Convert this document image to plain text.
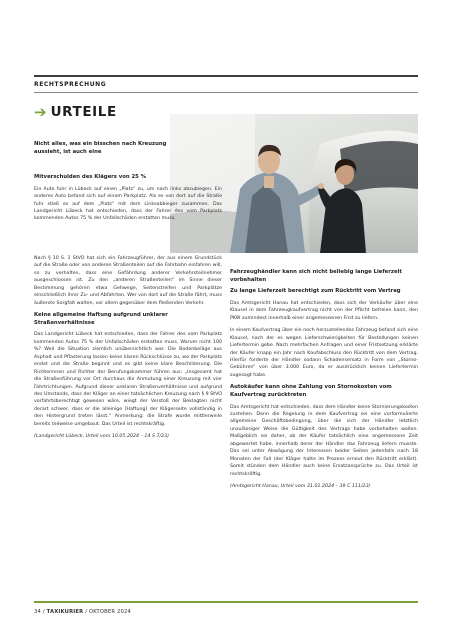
RECHTSPRECHUNG
➔ URTEILE
Nicht alles, was ein bisschen nach Kreuzung aussieht, ist auch eine
Mitverschulden des Klägers von 25 %

Ein Auto fuhr in Lübeck auf einen „Platz“ zu, um nach links abzubiegen. Ein anderes Auto befand sich auf einem Parkplatz. Als es von dort auf die Straße fuhr stieß es auf dem „Platz“ mit dem Linksabbieger zusammen. Das Landgericht Lübeck hat entschieden, dass der Fahrer des vom Parkplatz kommenden Autos 75 % der Unfallschäden erstatten muss.

Nach § 10 S. 1 StVO hat sich ein Fahrzeugführer, der aus einem Grundstück auf die Straße oder von anderen Straßenteilen auf die Fahrbahn einfahren will, so zu verhalten, dass eine Gefährdung anderer Verkehrsteilnehmer ausgeschlossen ist. Zu den „anderen Straßenteilen“ im Sinne dieser Bestimmung gehören etwa Gehwege, Seitenstreifen und Parkplätze einschließlich ihrer Zu- und Abfahrten. Wer von dort auf die Straße fährt, muss äußerste Sorgfalt walten, vor allem gegenüber dem fließenden Verkehr.

Keine allgemeine Haftung aufgrund unklarer Straßenverhältnisse

Das Landgericht Lübeck hat entschieden, dass der Fahrer des vom Parkplatz kommenden Autos 75 % der Unfallschäden erstatten muss. Warum nicht 100 %? Weil die Situation ziemlich unübersichtlich war. Die Bodenbeläge aus Asphalt und Pflasterung lassen keine klaren Rückschlüsse zu, wo der Parkplatz endet und die Straße beginnt und es gibt keine klare Beschilderung. Die Richterinnen und Richter der Berufungskammer führen aus: „Insgesamt hat die Straßenführung vor Ort durchaus die Anmutung einer Kreuzung mit vier Fahrtrichtungen. Aufgrund dieser unklaren Straßenverhältnisse und aufgrund des Umstands, dass der Kläger an einer tatsächlichen Kreuzung nach § 9 StVO vorfahrtsberechtigt gewesen wäre, wiegt der Verstoß der Beklagten nicht derart schwer, dass er die alleinige [Haftung] der Klägerseite vollständig in den Hintergrund treten lässt.“ Anmerkung: die Strafe wurde mittlerweile bereits teilweise umgebaut. Das Urteil ist rechtskräftig.

(Landgericht Lübeck, Urteil vom 10.05.2024 – 14 S 7/23)

Fahrzeughändler kann sich nicht beliebig lange Lieferzeit vorbehalten
Zu lange Lieferzeit berechtigt zum Rücktritt vom Vertrag

Das Amtsgericht Hanau hat entschieden, dass sich der Verkäufer über eine Klausel in dem Fahrzeugkaufvertrag nicht von der Pflicht befreien kann, den PKW zumindest innerhalb einer angemessenen Frist zu liefern.

In einem Kaufvertrag über ein noch herzustellendes Fahrzeug befand sich eine Klausel, nach der es wegen Lieferschwierigkeiten für Bestellungen keinen Liefertermin gebe. Nach mehrfachen Anfragen und einer Fristsetzung erklärte der Käufer knapp ein Jahr nach Kaufabschluss den Rücktritt von dem Vertrag. Hierfür forderte der Händler sodann Schadensersatz in Form von „Storno-Gebühren“ von über 3.000 Euro, da er ausdrücklich keinen Liefertermin zugesagt habe.

Autokäufer kann ohne Zahlung von Stornokosten vom Kaufvertrag zurücktreten

Das Amtsgericht hat entschieden, dass dem Händler keine Stornierungskosten zustehen. Denn die Regelung in dem Kaufvertrag sei eine vorformulierte allgemeine Geschäftsbedingung, über die sich der Händler letztlich unzulässiger Weise die Gültigkeit des Vertrags habe vorbehalten wollen. Maßgeblich sei daher, ob der Käufer tatsächlich eine angemessene Zeit abgewartet habe, innerhalb derer der Händler das Fahrzeug liefern musste. Das sei unter Abwägung der Interessen beider Seiten jedenfalls nach 18 Monaten der Fall (der Kläger hatte im Prozess erneut den Rücktritt erklärt). Somit stünden dem Händler auch keine Ersatzansprüche zu. Das Urteil ist rechtskräftig.

(Amtsgericht Hanau, Urteil vom 31.01.2024 – 39 C 111/23)

34 / TAXIKURIER / OKTOBER 2024
